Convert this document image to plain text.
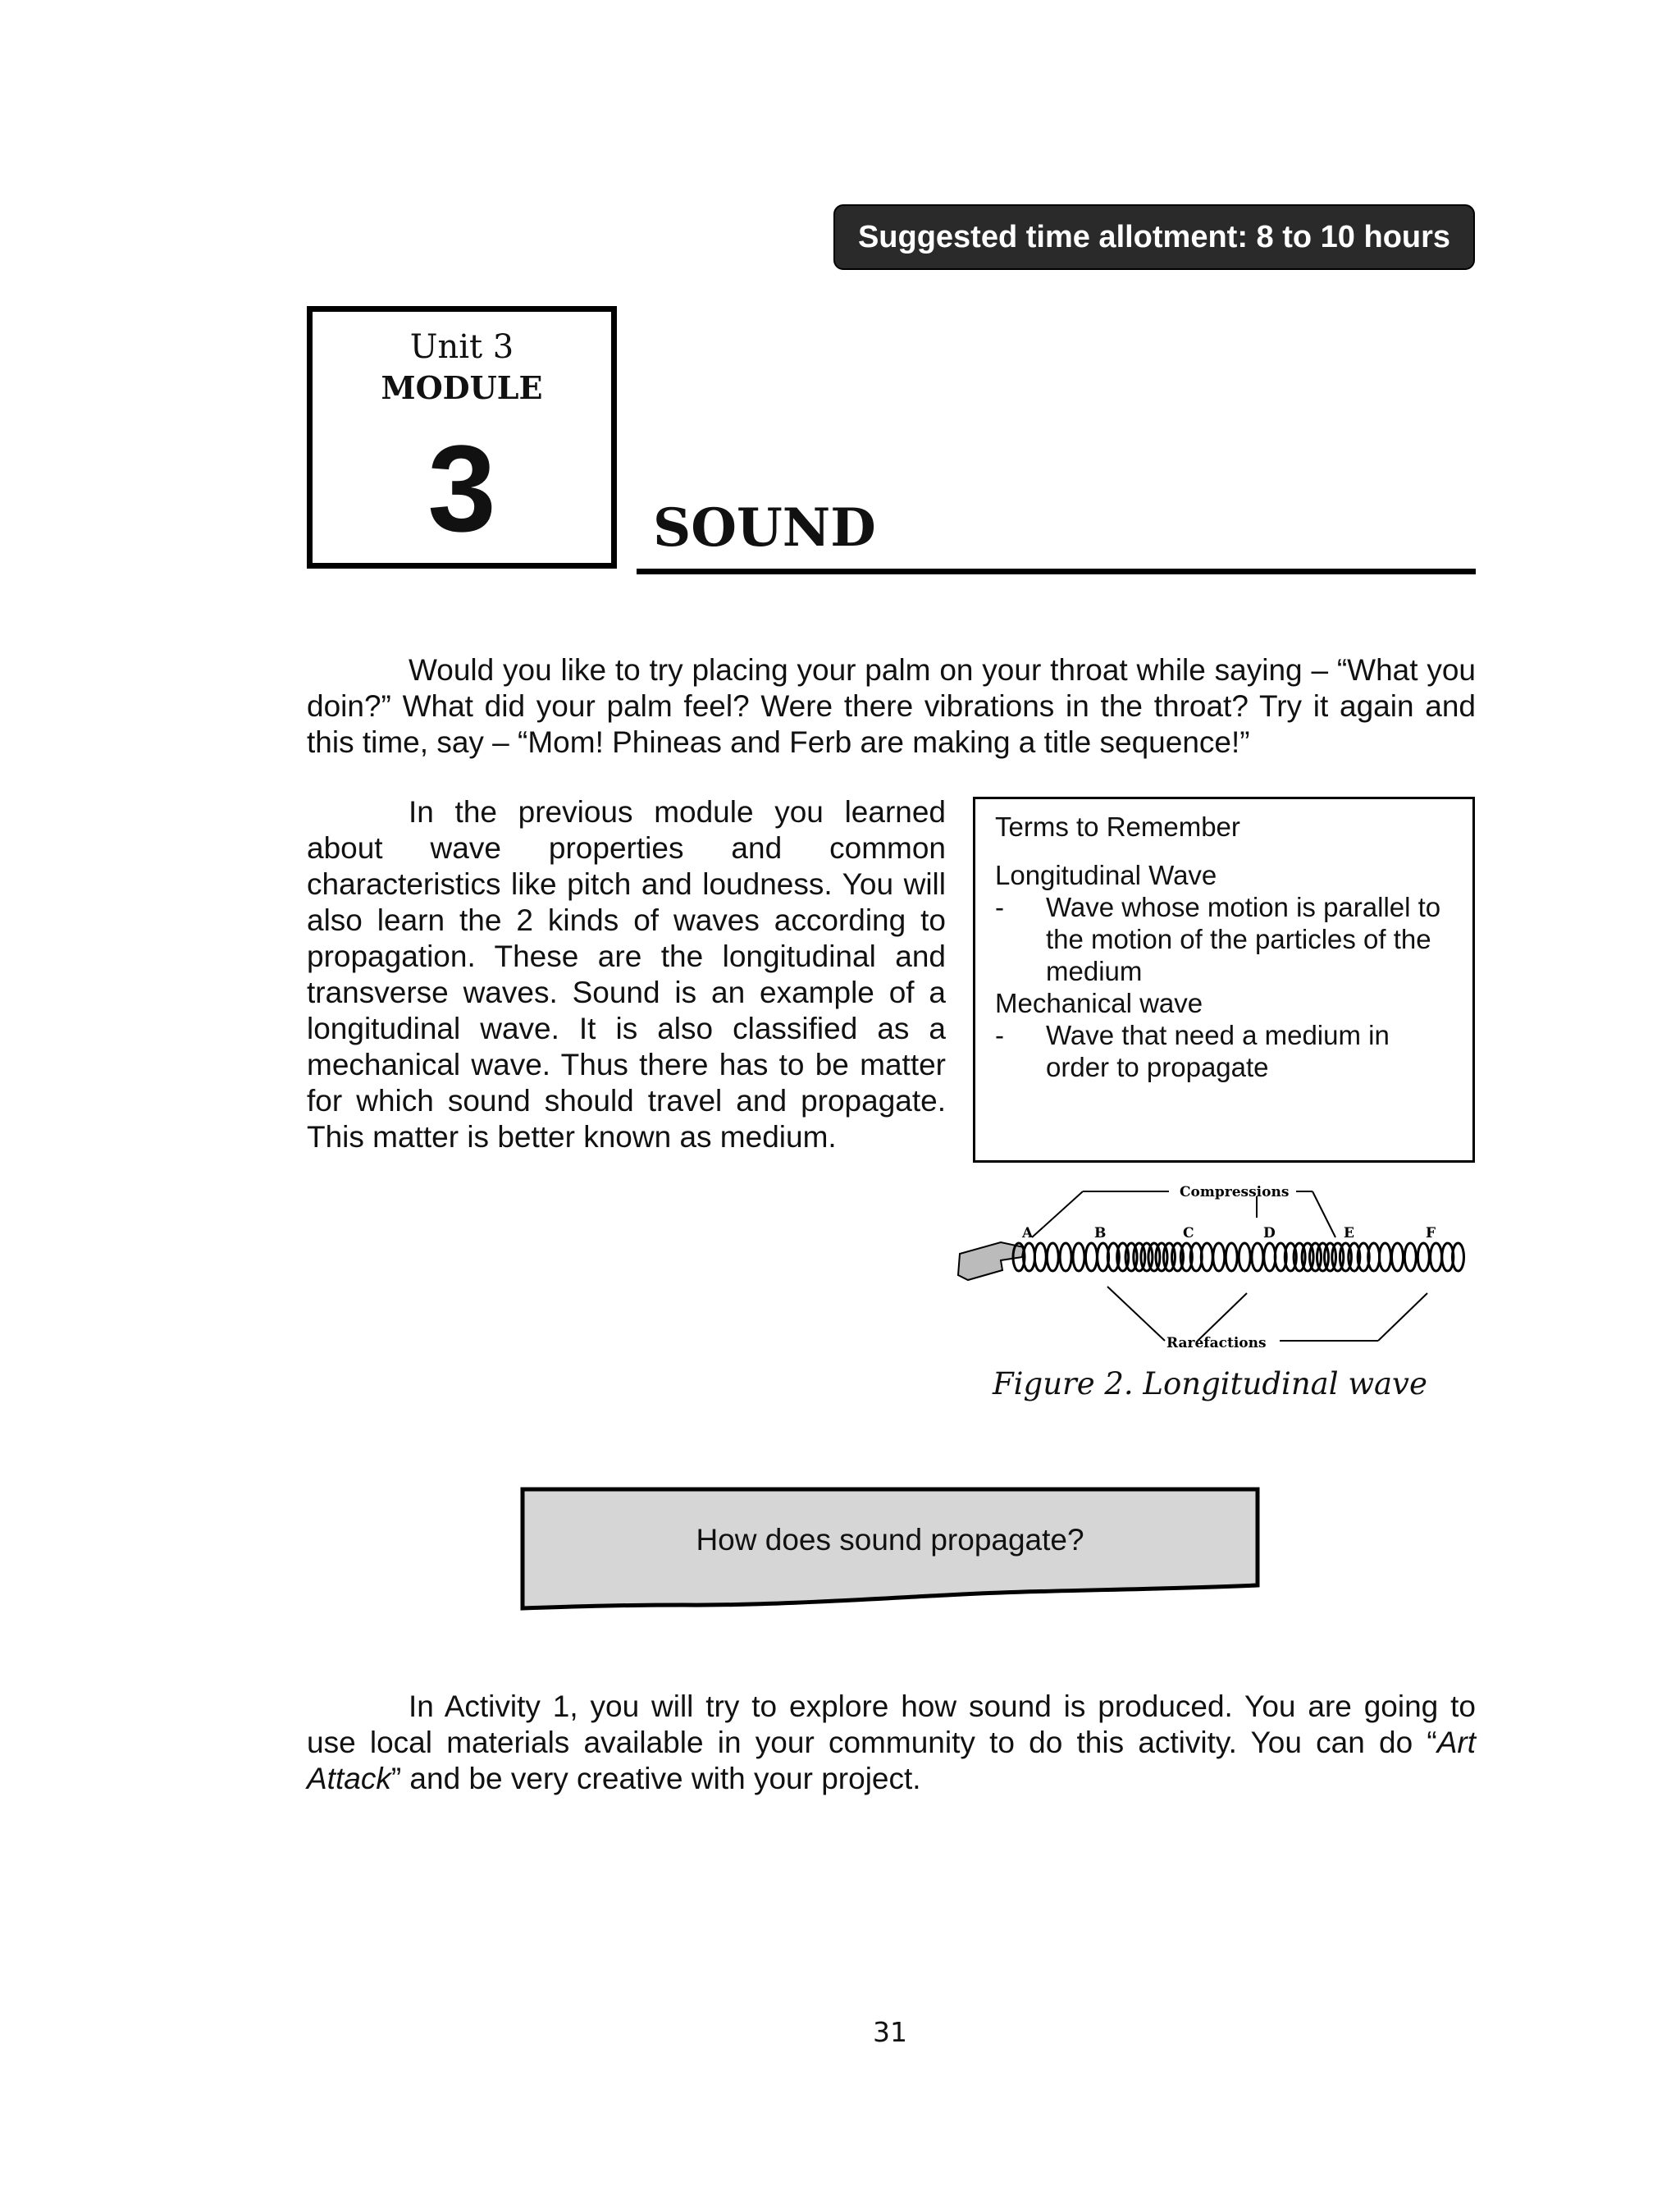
Suggested time allotment: 8 to 10 hours
Unit 3
MODULE
3	SOUND

Would you like to try placing your palm on your throat while saying – “What you doin?” What did your palm feel? Were there vibrations in the throat? Try it again and this time, say – “Mom! Phineas and Ferb are making a title sequence!”

In the previous module you learned about wave properties and common characteristics like pitch and loudness. You will also learn the 2 kinds of waves according to propagation. These are the longitudinal and transverse waves. Sound is an example of a longitudinal wave. It is also classified as a mechanical wave. Thus there has to be matter for which sound should travel and propagate. This matter is better known as medium.

Terms to Remember
Longitudinal Wave
- Wave whose motion is parallel to the motion of the particles of the medium
Mechanical wave
- Wave that need a medium in order to propagate
Compressions
Rarefactions
A	B	C	D	E	F
Figure 2. Longitudinal wave
How does sound propagate?

In Activity 1, you will try to explore how sound is produced. You are going to use local materials available in your community to do this activity. You can do “Art Attack” and be very creative with your project.

31
